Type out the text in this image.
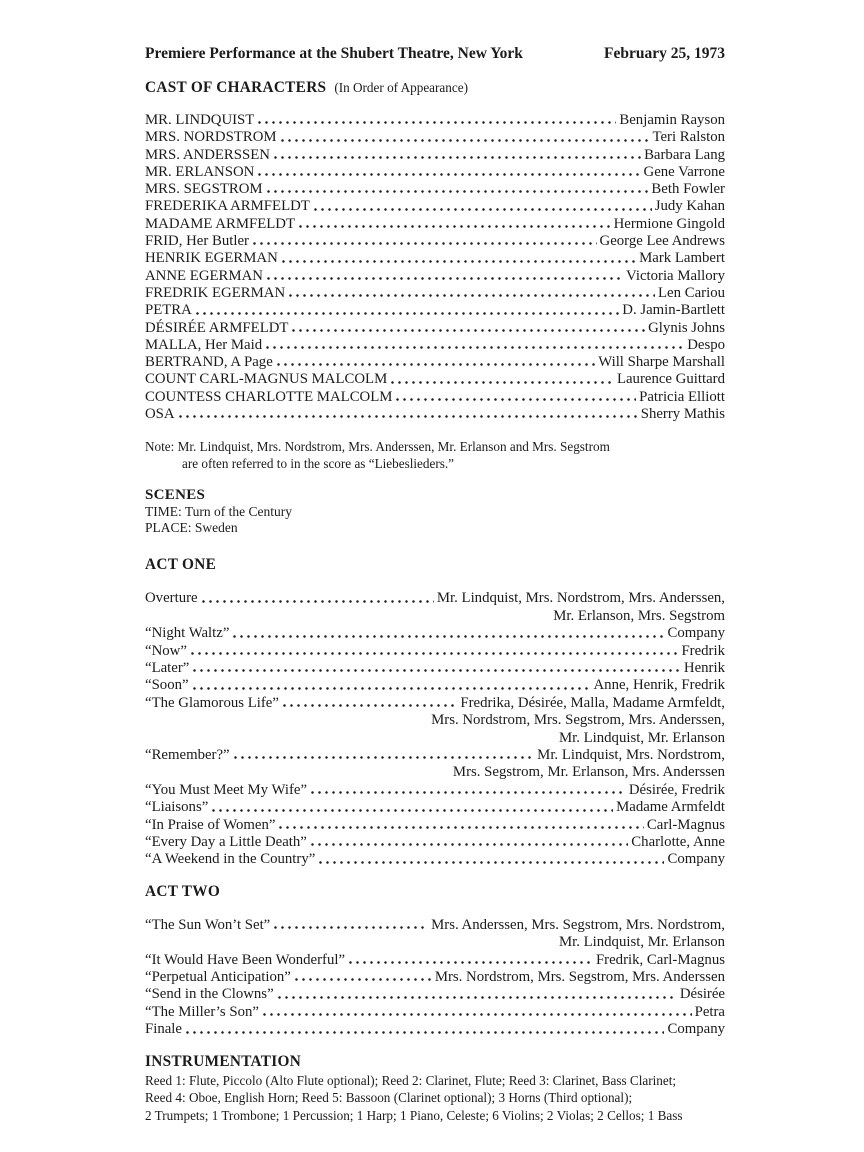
Premiere Performance at the Shubert Theatre, New York	February 25, 1973
CAST OF CHARACTERS (In Order of Appearance)
MR. LINDQUIST	Benjamin Rayson
MRS. NORDSTROM	Teri Ralston
MRS. ANDERSSEN	Barbara Lang
MR. ERLANSON	Gene Varrone
MRS. SEGSTROM	Beth Fowler
FREDERIKA ARMFELDT	Judy Kahan
MADAME ARMFELDT	Hermione Gingold
FRID, Her Butler	George Lee Andrews
HENRIK EGERMAN	Mark Lambert
ANNE EGERMAN	Victoria Mallory
FREDRIK EGERMAN	Len Cariou
PETRA	D. Jamin-Bartlett
DÉSIRÉE ARMFELDT	Glynis Johns
MALLA, Her Maid	Despo
BERTRAND, A Page	Will Sharpe Marshall
COUNT CARL-MAGNUS MALCOLM	Laurence Guittard
COUNTESS CHARLOTTE MALCOLM	Patricia Elliott
OSA	Sherry Mathis
Note: Mr. Lindquist, Mrs. Nordstrom, Mrs. Anderssen, Mr. Erlanson and Mrs. Segstrom
are often referred to in the score as “Liebeslieders.”
SCENES
TIME: Turn of the Century
PLACE: Sweden
ACT ONE
Overture	Mr. Lindquist, Mrs. Nordstrom, Mrs. Anderssen,
Mr. Erlanson, Mrs. Segstrom
“Night Waltz”	Company
“Now”	Fredrik
“Later”	Henrik
“Soon”	Anne, Henrik, Fredrik
“The Glamorous Life”	Fredrika, Désirée, Malla, Madame Armfeldt,
Mrs. Nordstrom, Mrs. Segstrom, Mrs. Anderssen,
Mr. Lindquist, Mr. Erlanson
“Remember?”	Mr. Lindquist, Mrs. Nordstrom,
Mrs. Segstrom, Mr. Erlanson, Mrs. Anderssen
“You Must Meet My Wife”	Désirée, Fredrik
“Liaisons”	Madame Armfeldt
“In Praise of Women”	Carl-Magnus
“Every Day a Little Death”	Charlotte, Anne
“A Weekend in the Country”	Company
ACT TWO
“The Sun Won’t Set”	Mrs. Anderssen, Mrs. Segstrom, Mrs. Nordstrom,
Mr. Lindquist, Mr. Erlanson
“It Would Have Been Wonderful”	Fredrik, Carl-Magnus
“Perpetual Anticipation”	Mrs. Nordstrom, Mrs. Segstrom, Mrs. Anderssen
“Send in the Clowns”	Désirée
“The Miller’s Son”	Petra
Finale	Company
INSTRUMENTATION
Reed 1: Flute, Piccolo (Alto Flute optional); Reed 2: Clarinet, Flute; Reed 3: Clarinet, Bass Clarinet;
Reed 4: Oboe, English Horn; Reed 5: Bassoon (Clarinet optional); 3 Horns (Third optional);
2 Trumpets; 1 Trombone; 1 Percussion; 1 Harp; 1 Piano, Celeste; 6 Violins; 2 Violas; 2 Cellos; 1 Bass
